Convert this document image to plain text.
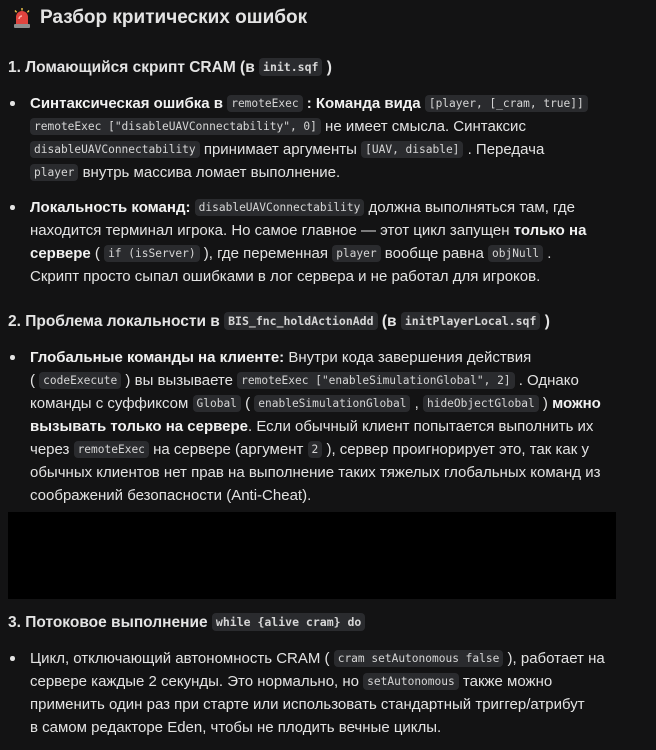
Разбор критических ошибок
1. Ломающийся скрипт CRAM (в init.sqf )
Синтаксическая ошибка в remoteExec : Команда вида [player, [_cram, true]]
remoteExec ["disableUAVConnectability", 0] не имеет смысла. Синтаксис
disableUAVConnectability принимает аргументы [UAV, disable] . Передача
player внутрь массива ломает выполнение.
Локальность команд: disableUAVConnectability должна выполняться там, где
находится терминал игрока. Но самое главное — этот цикл запущен только на
сервере ( if (isServer) ), где переменная player вообще равна objNull .
Скрипт просто сыпал ошибками в лог сервера и не работал для игроков.
2. Проблема локальности в BIS_fnc_holdActionAdd (в initPlayerLocal.sqf )
Глобальные команды на клиенте: Внутри кода завершения действия
( codeExecute ) вы вызываете remoteExec ["enableSimulationGlobal", 2] . Однако
команды с суффиксом Global ( enableSimulationGlobal , hideObjectGlobal ) можно
вызывать только на сервере. Если обычный клиент попытается выполнить их
через remoteExec на сервере (аргумент 2 ), сервер проигнорирует это, так как у
обычных клиентов нет прав на выполнение таких тяжелых глобальных команд из
соображений безопасности (Anti-Cheat).
3. Потоковое выполнение while {alive cram} do
Цикл, отключающий автономность CRAM ( cram setAutonomous false ), работает на
сервере каждые 2 секунды. Это нормально, но setAutonomous также можно
применить один раз при старте или использовать стандартный триггер/атрибут
в самом редакторе Eden, чтобы не плодить вечные циклы.
